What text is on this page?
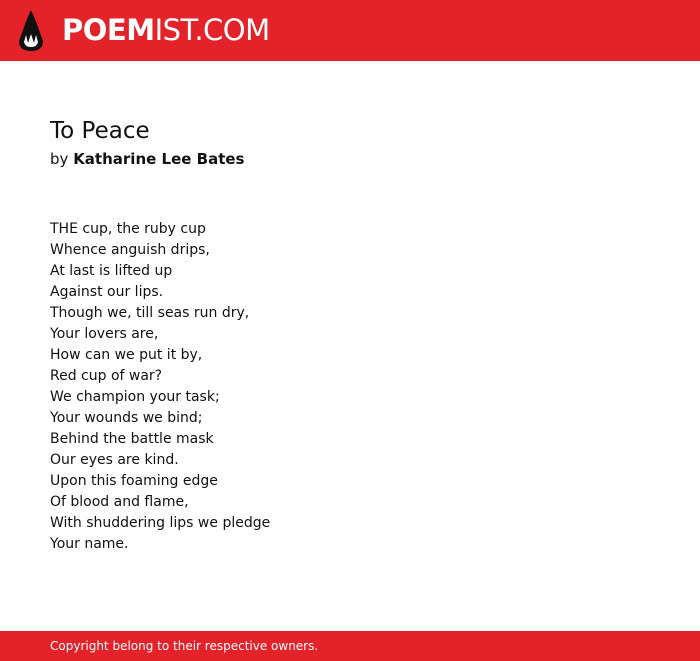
POEMIST.COM
To Peace
by Katharine Lee Bates
THE cup, the ruby cup
Whence anguish drips,
At last is lifted up
Against our lips.
Though we, till seas run dry,
Your lovers are,
How can we put it by,
Red cup of war?
We champion your task;
Your wounds we bind;
Behind the battle mask
Our eyes are kind.
Upon this foaming edge
Of blood and flame,
With shuddering lips we pledge
Your name.
Copyright belong to their respective owners.
